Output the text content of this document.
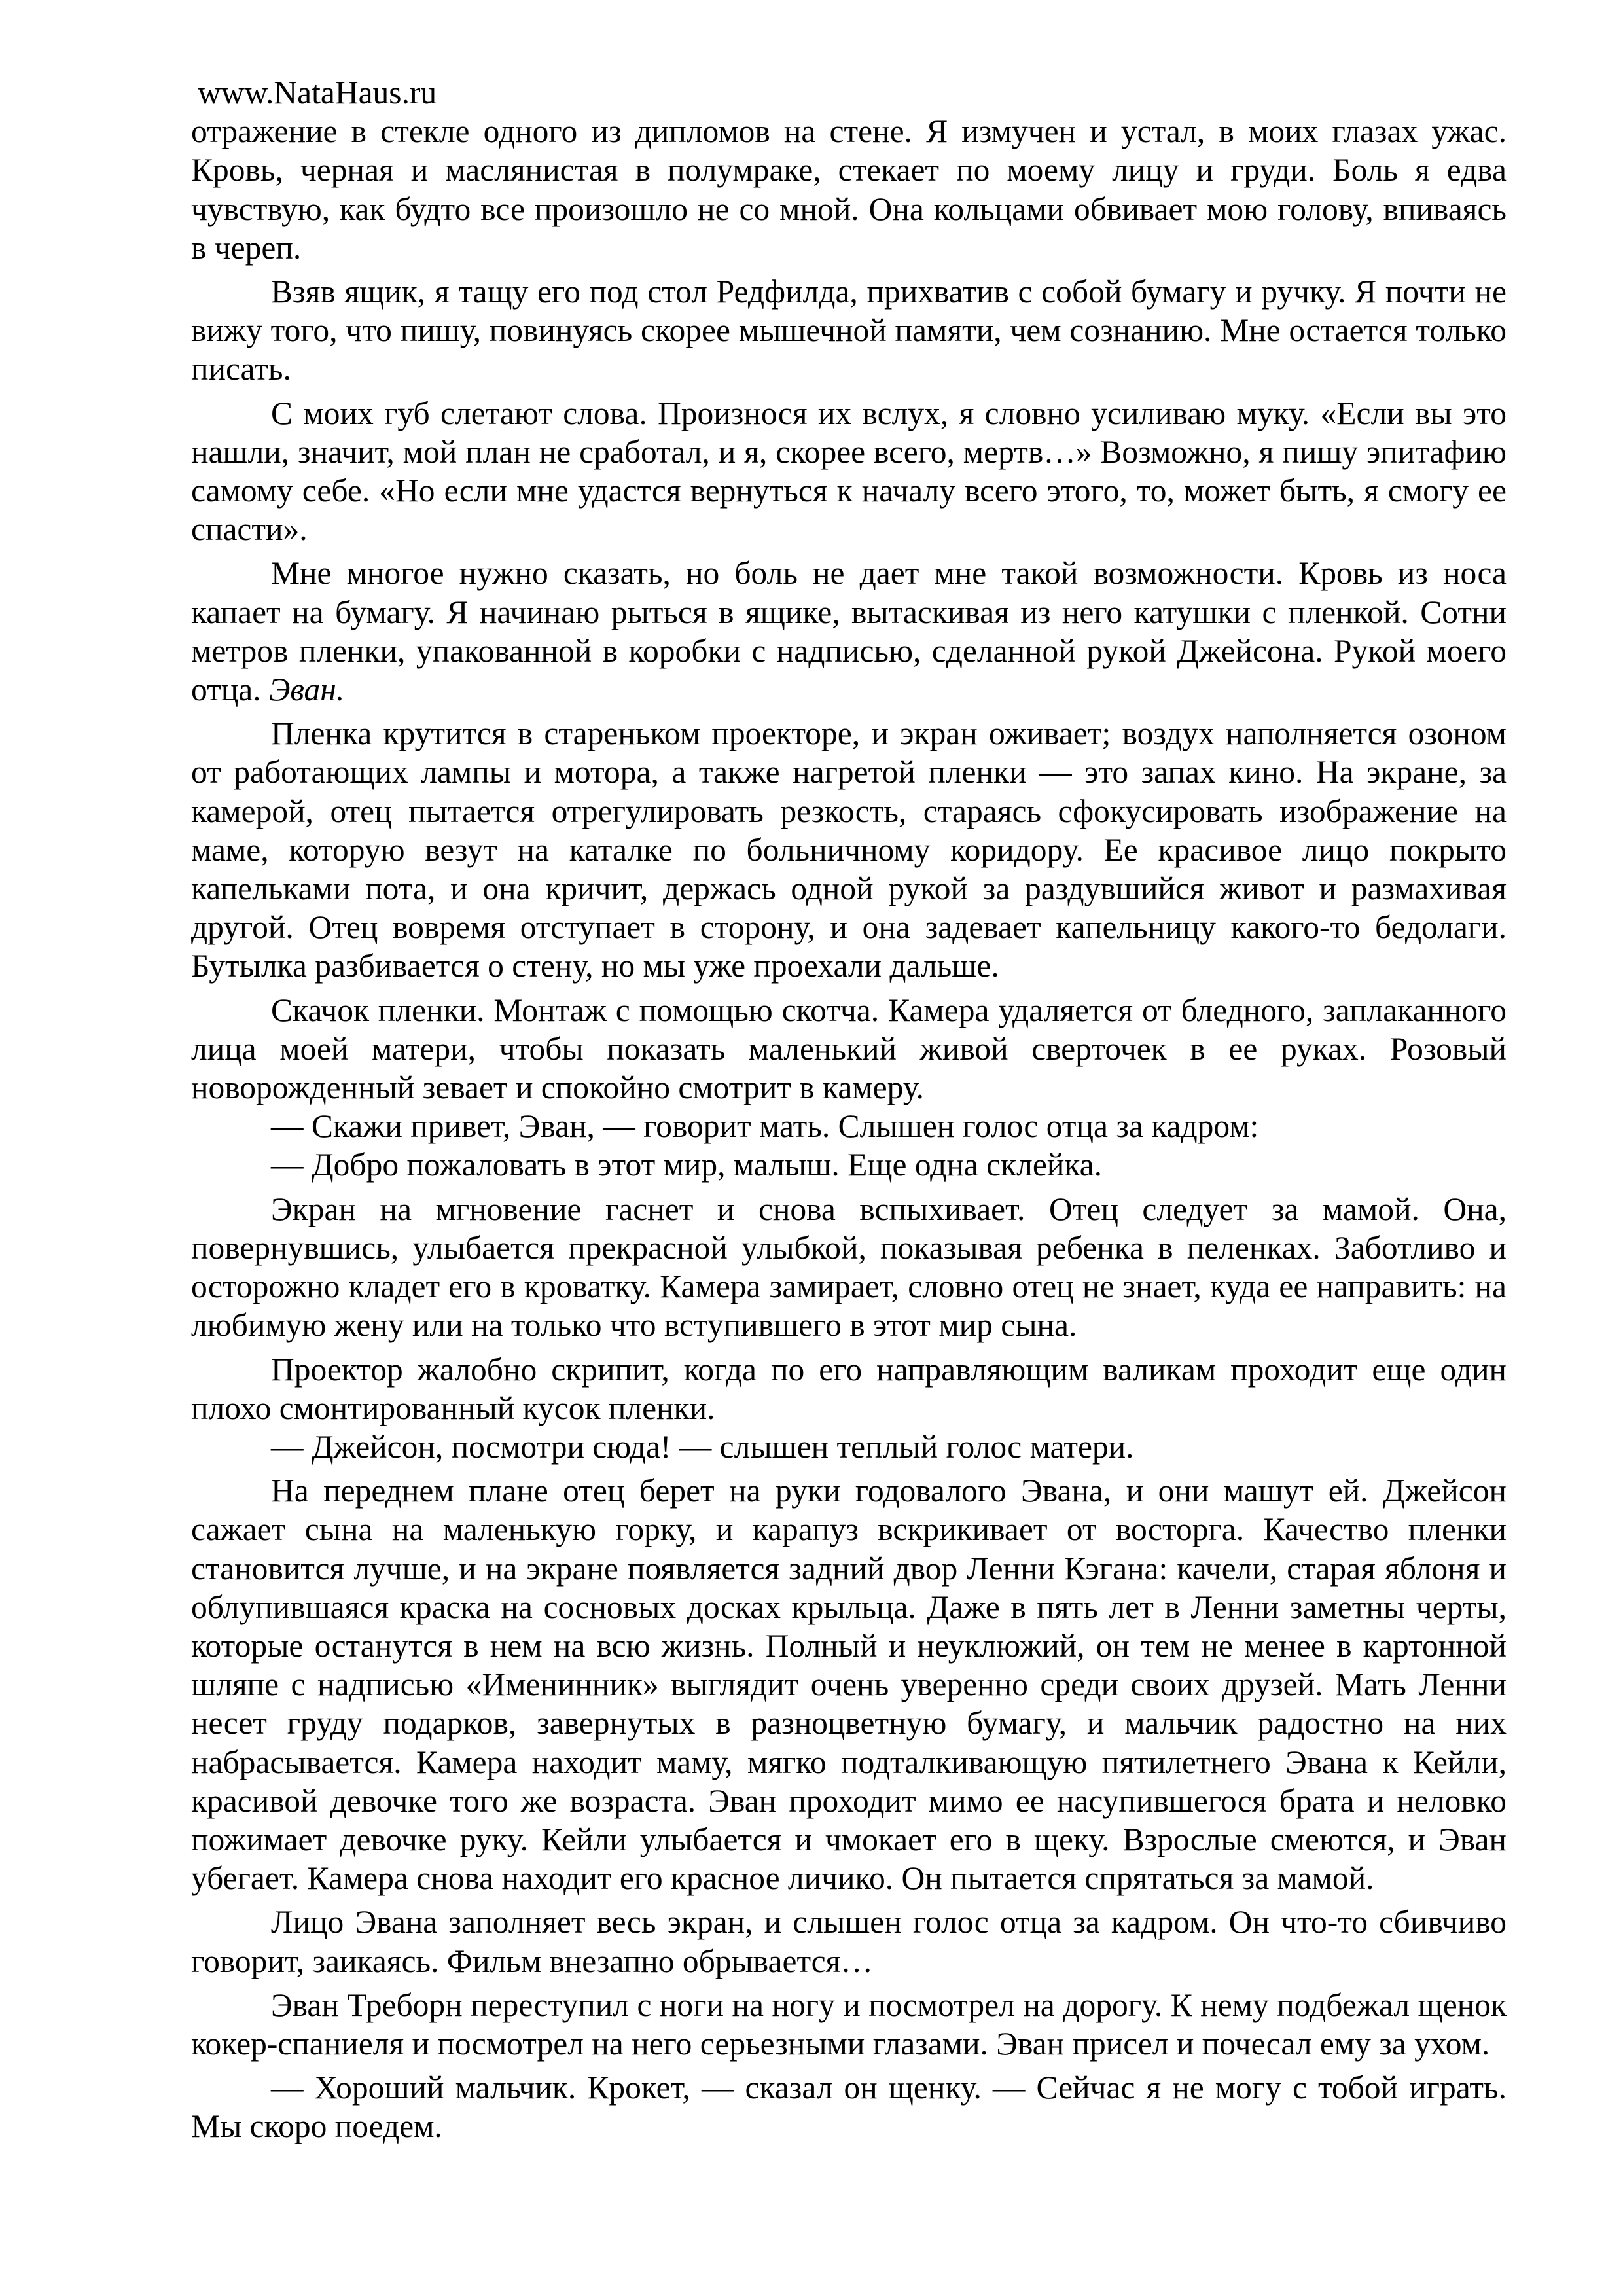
www.NataHaus.ru

отражение в стекле одного из дипломов на стене. Я измучен и устал, в моих глазах ужас. Кровь, черная и маслянистая в полумраке, стекает по моему лицу и груди. Боль я едва чувствую, как будто все произошло не со мной. Она кольцами обвивает мою голову, впиваясь в череп.

Взяв ящик, я тащу его под стол Редфилда, прихватив с собой бумагу и ручку. Я почти не вижу того, что пишу, повинуясь скорее мышечной памяти, чем сознанию. Мне остается только писать.

С моих губ слетают слова. Произнося их вслух, я словно усиливаю муку. «Если вы это нашли, значит, мой план не сработал, и я, скорее всего, мертв…» Возможно, я пишу эпитафию самому себе. «Но если мне удастся вернуться к началу всего этого, то, может быть, я смогу ее спасти».

Мне многое нужно сказать, но боль не дает мне такой возможности. Кровь из носа капает на бумагу. Я начинаю рыться в ящике, вытаскивая из него катушки с пленкой. Сотни метров пленки, упакованной в коробки с надписью, сделанной рукой Джейсона. Рукой моего отца. Эван.

Пленка крутится в стареньком проекторе, и экран оживает; воздух наполняется озоном от работающих лампы и мотора, а также нагретой пленки — это запах кино. На экране, за камерой, отец пытается отрегулировать резкость, стараясь сфокусировать изображение на маме, которую везут на каталке по больничному коридору. Ее красивое лицо покрыто капельками пота, и она кричит, держась одной рукой за раздувшийся живот и размахивая другой. Отец вовремя отступает в сторону, и она задевает капельницу какого-то бедолаги. Бутылка разбивается о стену, но мы уже проехали дальше.

Скачок пленки. Монтаж с помощью скотча. Камера удаляется от бледного, заплаканного лица моей матери, чтобы показать маленький живой сверточек в ее руках. Розовый новорожденный зевает и спокойно смотрит в камеру.

— Скажи привет, Эван, — говорит мать. Слышен голос отца за кадром:

— Добро пожаловать в этот мир, малыш. Еще одна склейка.

Экран на мгновение гаснет и снова вспыхивает. Отец следует за мамой. Она, повернувшись, улыбается прекрасной улыбкой, показывая ребенка в пеленках. Заботливо и осторожно кладет его в кроватку. Камера замирает, словно отец не знает, куда ее направить: на любимую жену или на только что вступившего в этот мир сына.

Проектор жалобно скрипит, когда по его направляющим валикам проходит еще один плохо смонтированный кусок пленки.

— Джейсон, посмотри сюда! — слышен теплый голос матери.

На переднем плане отец берет на руки годовалого Эвана, и они машут ей. Джейсон сажает сына на маленькую горку, и карапуз вскрикивает от восторга. Качество пленки становится лучше, и на экране появляется задний двор Ленни Кэгана: качели, старая яблоня и облупившаяся краска на сосновых досках крыльца. Даже в пять лет в Ленни заметны черты, которые останутся в нем на всю жизнь. Полный и неуклюжий, он тем не менее в картонной шляпе с надписью «Именинник» выглядит очень уверенно среди своих друзей. Мать Ленни несет груду подарков, завернутых в разноцветную бумагу, и мальчик радостно на них набрасывается. Камера находит маму, мягко подталкивающую пятилетнего Эвана к Кейли, красивой девочке того же возраста. Эван проходит мимо ее насупившегося брата и неловко пожимает девочке руку. Кейли улыбается и чмокает его в щеку. Взрослые смеются, и Эван убегает. Камера снова находит его красное личико. Он пытается спрятаться за мамой.

Лицо Эвана заполняет весь экран, и слышен голос отца за кадром. Он что-то сбивчиво говорит, заикаясь. Фильм внезапно обрывается…

Эван Треборн переступил с ноги на ногу и посмотрел на дорогу. К нему подбежал щенок кокер-спаниеля и посмотрел на него серьезными глазами. Эван присел и почесал ему за ухом.

— Хороший мальчик. Крокет, — сказал он щенку. — Сейчас я не могу с тобой играть. Мы скоро поедем.
